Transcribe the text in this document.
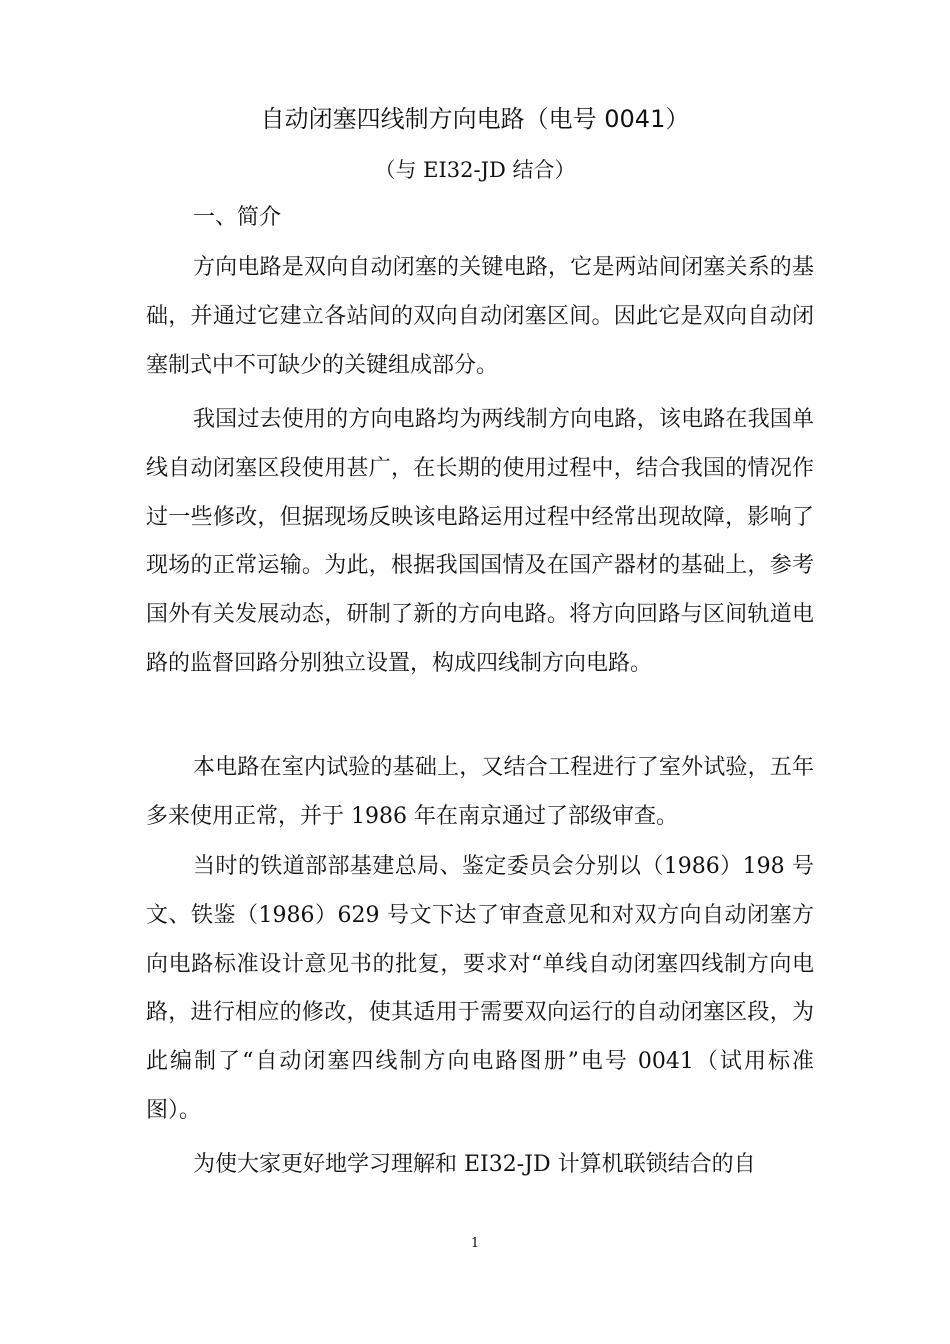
自动闭塞四线制方向电路（电号 0041）
（与 EI32-JD 结合）
一、简介

方向电路是双向自动闭塞的关键电路，它是两站间闭塞关系的基础，并通过它建立各站间的双向自动闭塞区间。因此它是双向自动闭塞制式中不可缺少的关键组成部分。

我国过去使用的方向电路均为两线制方向电路，该电路在我国单线自动闭塞区段使用甚广，在长期的使用过程中，结合我国的情况作过一些修改，但据现场反映该电路运用过程中经常出现故障，影响了现场的正常运输。为此，根据我国国情及在国产器材的基础上，参考国外有关发展动态，研制了新的方向电路。将方向回路与区间轨道电路的监督回路分别独立设置，构成四线制方向电路。

本电路在室内试验的基础上，又结合工程进行了室外试验，五年多来使用正常，并于 1986 年在南京通过了部级审查。

当时的铁道部部基建总局、鉴定委员会分别以（1986）198 号文、铁鉴（1986）629 号文下达了审查意见和对双方向自动闭塞方向电路标准设计意见书的批复，要求对“单线自动闭塞四线制方向电路，进行相应的修改，使其适用于需要双向运行的自动闭塞区段，为此编制了“自动闭塞四线制方向电路图册”电号 0041（试用标准图）。

为使大家更好地学习理解和 EI32-JD 计算机联锁结合的自

1
